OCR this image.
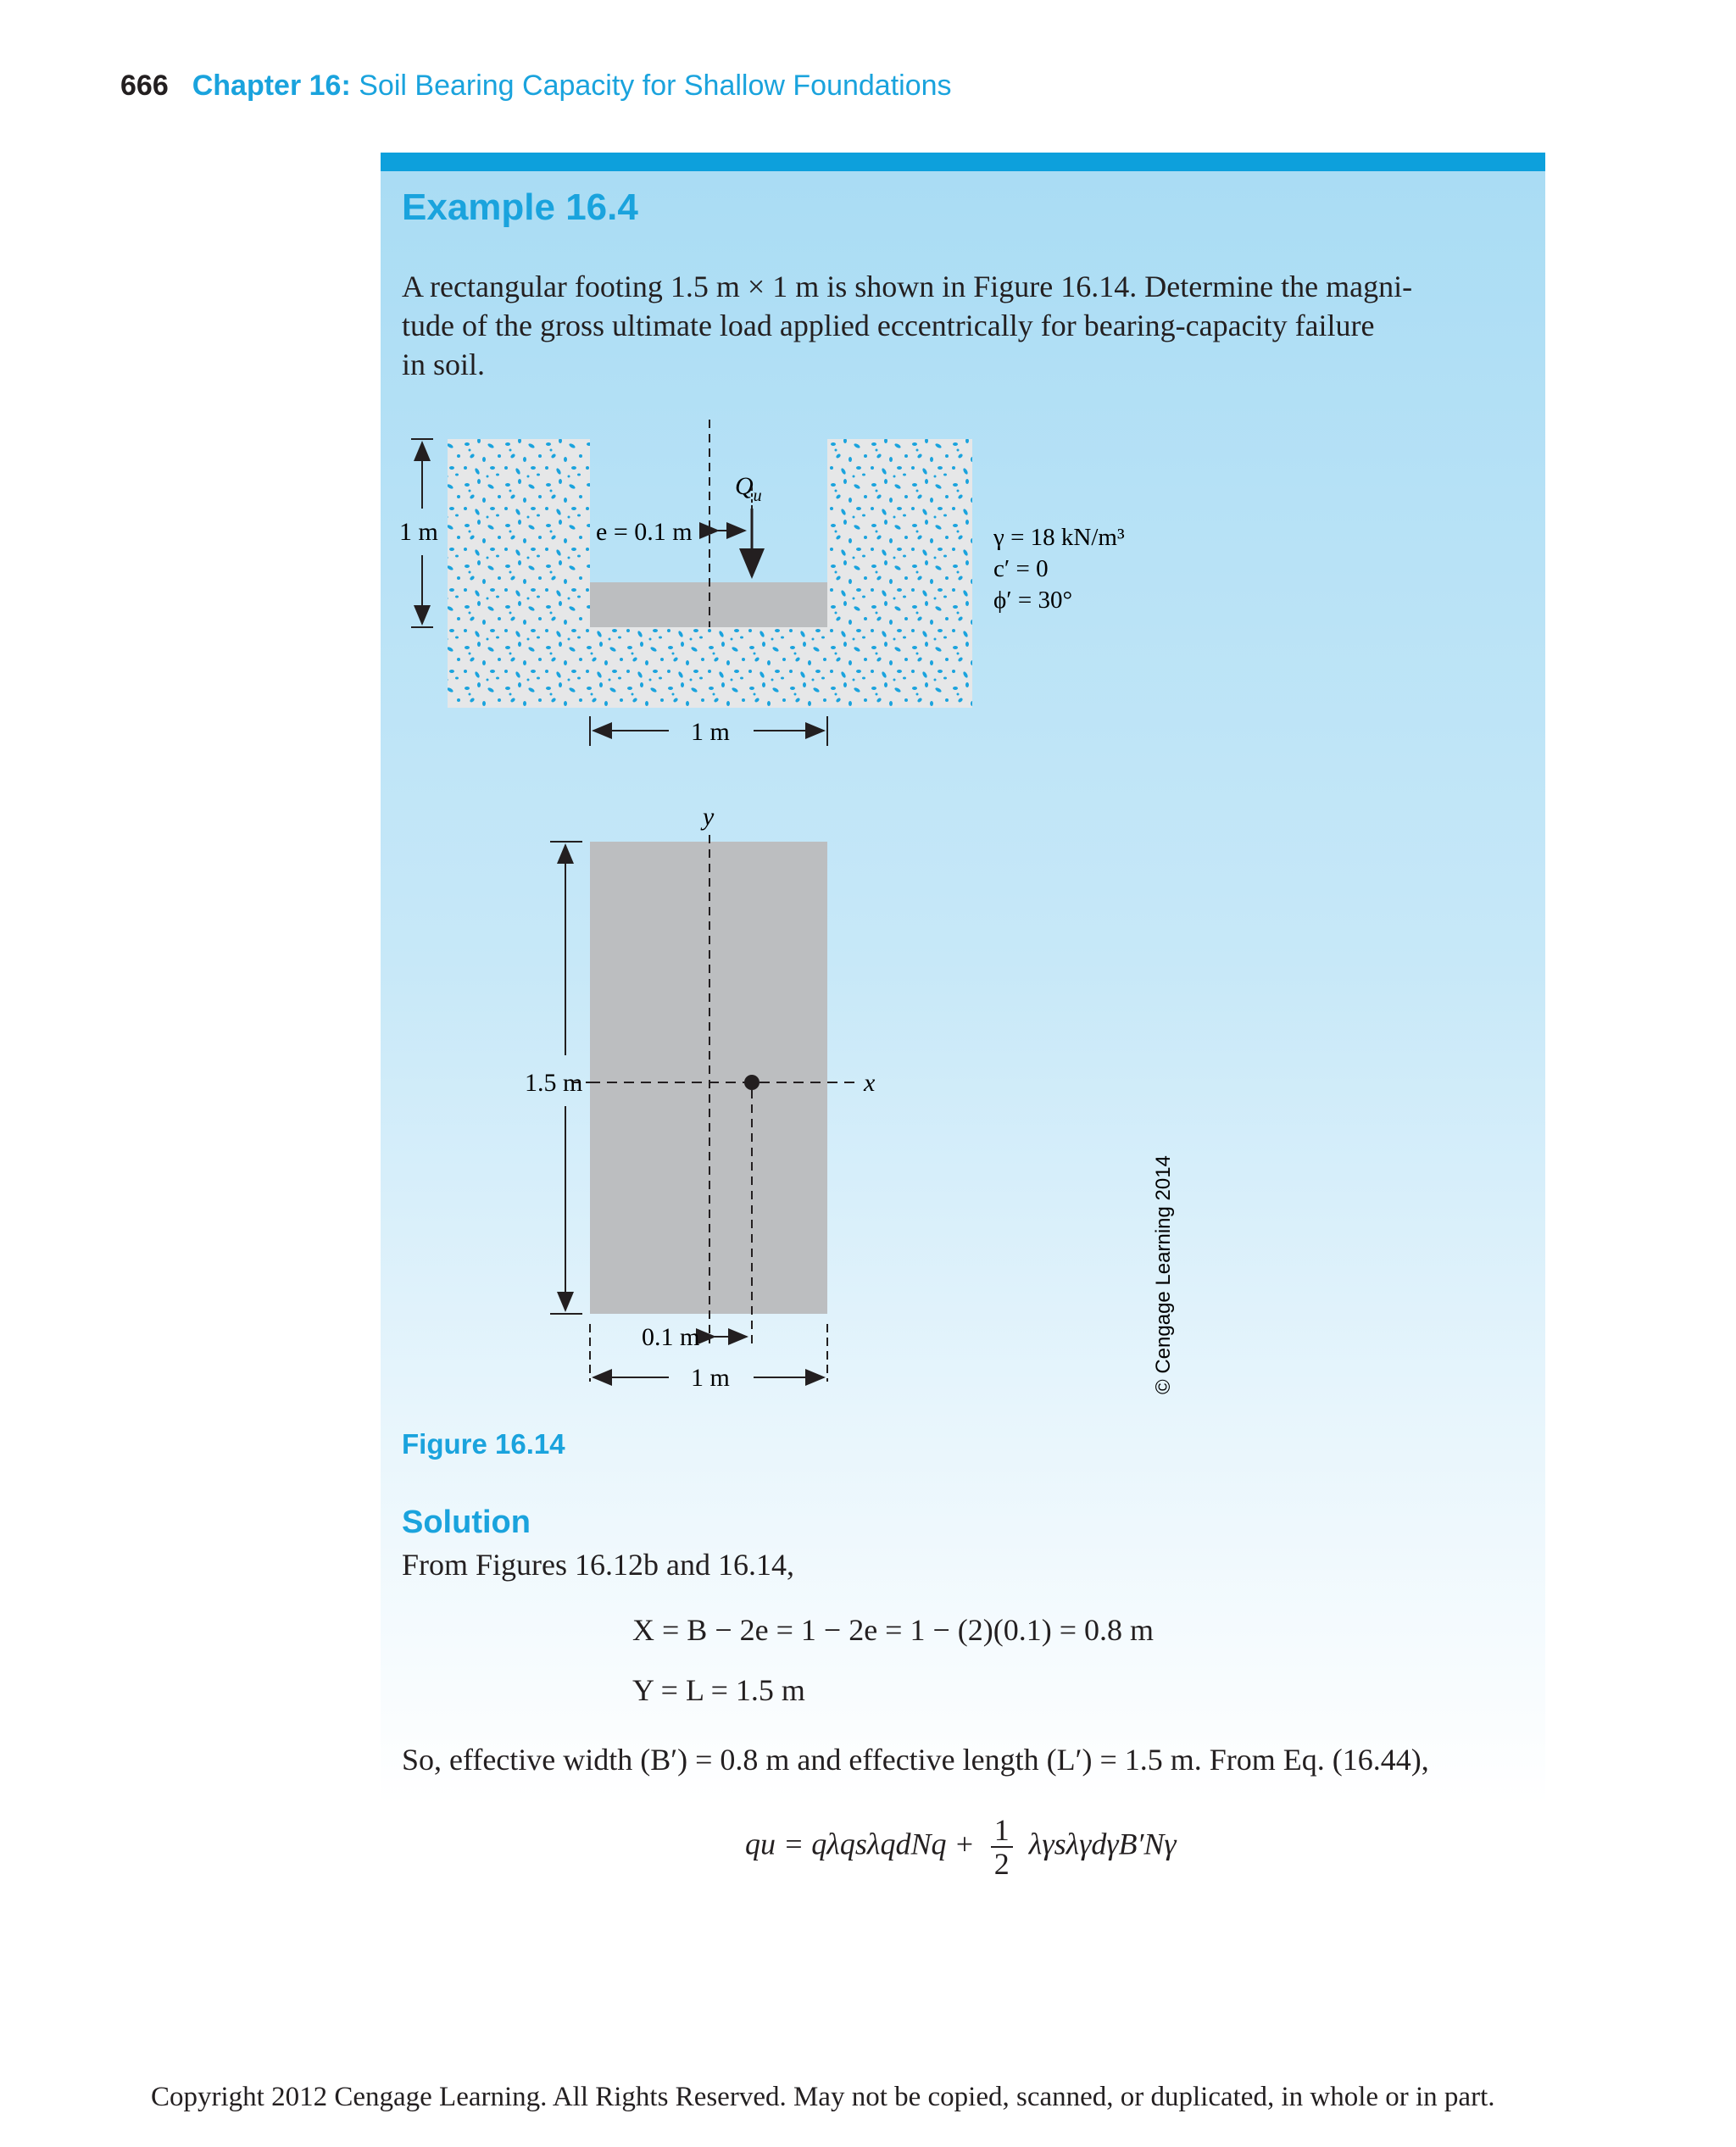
666 Chapter 16: Soil Bearing Capacity for Shallow Foundations
Example 16.4
A rectangular footing 1.5 m × 1 m is shown in Figure 16.14. Determine the magni-
tude of the gross ultimate load applied eccentrically for bearing-capacity failure
in soil.
$Q_u$
e = 0.1 m
1 m	γ = 18 kN/m³
c′ = 0
ϕ′ = 30°
1 m
y
x
1.5 m
0.1 m
1 m	© Cengage Learning 2014
Figure 16.14
Solution
From Figures 16.12b and 16.14,
X = B − 2e = 1 − 2e = 1 − (2)(0.1) = 0.8 m
Y = L = 1.5 m
So, effective width (B′) = 0.8 m and effective length (L′) = 1.5 m. From Eq. (16.44),
qu = qλqsλqdNq + $\frac{1}{2} \lambda\gamma s\lambda\gamma d\gamma B'N\gamma$
Copyright 2012 Cengage Learning. All Rights Reserved. May not be copied, scanned, or duplicated, in whole or in part.
